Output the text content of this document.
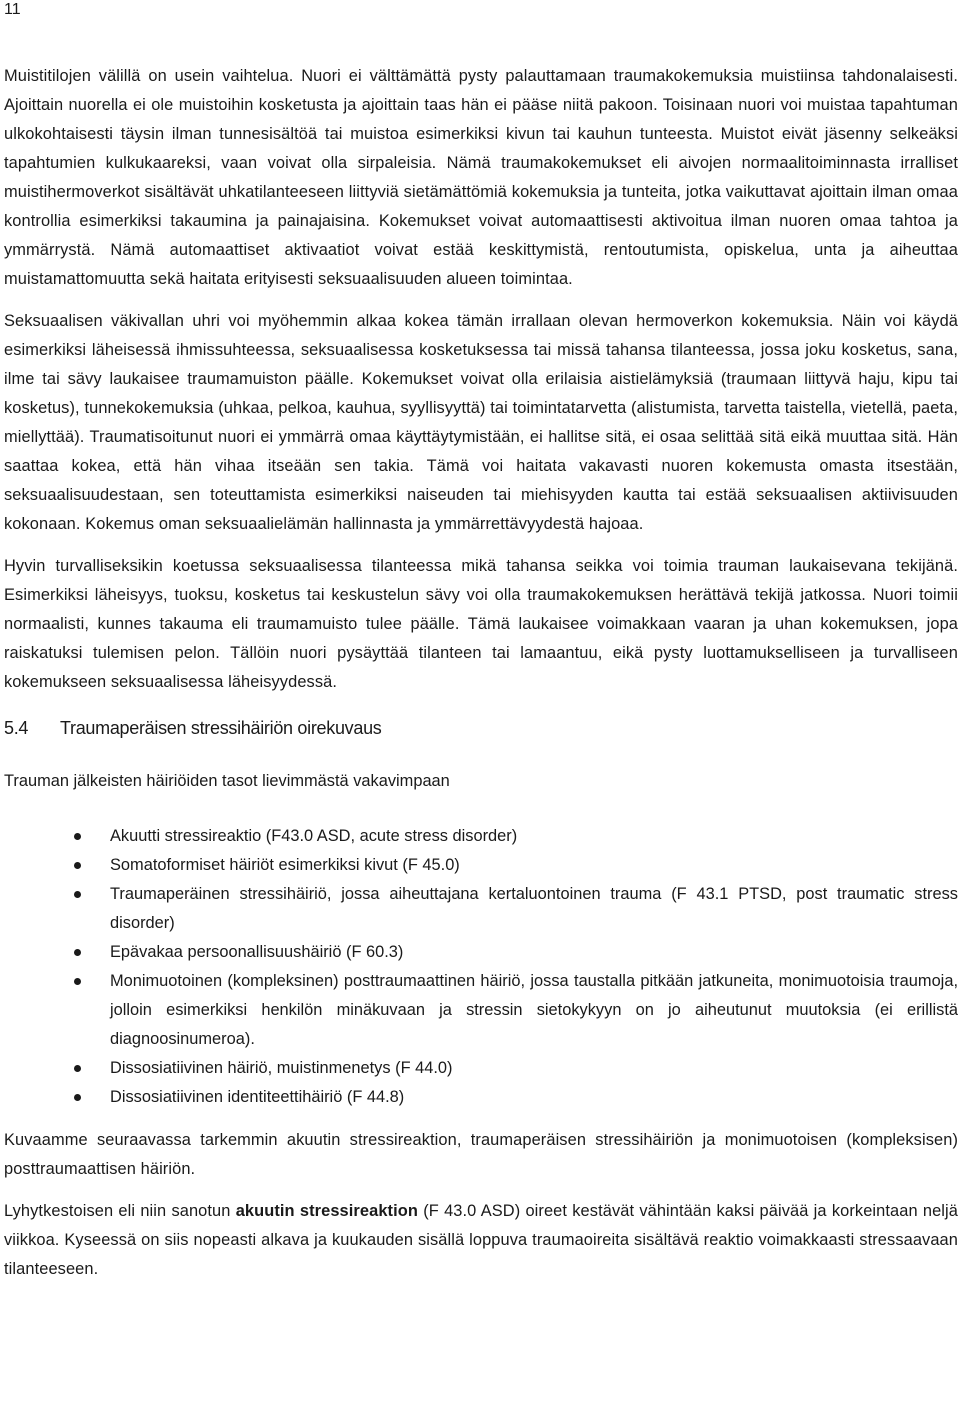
11

Muistitilojen välillä on usein vaihtelua. Nuori ei välttämättä pysty palauttamaan traumakokemuksia muistiinsa tahdonalaisesti. Ajoittain nuorella ei ole muistoihin kosketusta ja ajoittain taas hän ei pääse niitä pakoon. Toisinaan nuori voi muistaa tapahtuman ulkokohtaisesti täysin ilman tunnesisältöä tai muistoa esimerkiksi kivun tai kauhun tunteesta. Muistot eivät jäsenny selkeäksi tapahtumien kulkukaareksi, vaan voivat olla sirpaleisia. Nämä traumakokemukset eli aivojen normaalitoiminnasta irralliset muistihermoverkot sisältävät uhkatilanteeseen liittyviä sietämättömiä kokemuksia ja tunteita, jotka vaikuttavat ajoittain ilman omaa kontrollia esimerkiksi takaumina ja painajaisina. Kokemukset voivat automaattisesti aktivoitua ilman nuoren omaa tahtoa ja ymmärrystä. Nämä automaattiset aktivaatiot voivat estää keskittymistä, rentoutumista, opiskelua, unta ja aiheuttaa muistamattomuutta sekä haitata erityisesti seksuaalisuuden alueen toimintaa.

Seksuaalisen väkivallan uhri voi myöhemmin alkaa kokea tämän irrallaan olevan hermoverkon kokemuksia. Näin voi käydä esimerkiksi läheisessä ihmissuhteessa, seksuaalisessa kosketuksessa tai missä tahansa tilanteessa, jossa joku kosketus, sana, ilme tai sävy laukaisee traumamuiston päälle. Kokemukset voivat olla erilaisia aistielämyksiä (traumaan liittyvä haju, kipu tai kosketus), tunnekokemuksia (uhkaa, pelkoa, kauhua, syyllisyyttä) tai toimintatarvetta (alistumista, tarvetta taistella, vietellä, paeta, miellyttää). Traumatisoitunut nuori ei ymmärrä omaa käyttäytymistään, ei hallitse sitä, ei osaa selittää sitä eikä muuttaa sitä. Hän saattaa kokea, että hän vihaa itseään sen takia. Tämä voi haitata vakavasti nuoren kokemusta omasta itsestään, seksuaalisuudestaan, sen toteuttamista esimerkiksi naiseuden tai miehisyyden kautta tai estää seksuaalisen aktiivisuuden kokonaan. Kokemus oman seksuaalielämän hallinnasta ja ymmärrettävyydestä hajoaa.

Hyvin turvalliseksikin koetussa seksuaalisessa tilanteessa mikä tahansa seikka voi toimia trauman laukaisevana tekijänä. Esimerkiksi läheisyys, tuoksu, kosketus tai keskustelun sävy voi olla traumakokemuksen herättävä tekijä jatkossa. Nuori toimii normaalisti, kunnes takauma eli traumamuisto tulee päälle. Tämä laukaisee voimakkaan vaaran ja uhan kokemuksen, jopa raiskatuksi tulemisen pelon. Tällöin nuori pysäyttää tilanteen tai lamaantuu, eikä pysty luottamukselliseen ja turvalliseen kokemukseen seksuaalisessa läheisyydessä.

5.4 Traumaperäisen stressihäiriön oirekuvaus

Trauman jälkeisten häiriöiden tasot lievimmästä vakavimpaan

Akuutti stressireaktio (F43.0 ASD, acute stress disorder)
Somatoformiset häiriöt esimerkiksi kivut (F 45.0)
Traumaperäinen stressihäiriö, jossa aiheuttajana kertaluontoinen trauma (F 43.1 PTSD, post traumatic stress disorder)
Epävakaa persoonallisuushäiriö (F 60.3)
Monimuotoinen (kompleksinen) posttraumaattinen häiriö, jossa taustalla pitkään jatkuneita, monimuotoisia traumoja, jolloin esimerkiksi henkilön minäkuvaan ja stressin sietokykyyn on jo aiheutunut muutoksia (ei erillistä diagnoosinumeroa).
Dissosiatiivinen häiriö, muistinmenetys (F 44.0)
Dissosiatiivinen identiteettihäiriö (F 44.8)

Kuvaamme seuraavassa tarkemmin akuutin stressireaktion, traumaperäisen stressihäiriön ja monimuotoisen (kompleksisen) posttraumaattisen häiriön.

Lyhytkestoisen eli niin sanotun akuutin stressireaktion (F 43.0 ASD) oireet kestävät vähintään kaksi päivää ja korkeintaan neljä viikkoa. Kyseessä on siis nopeasti alkava ja kuukauden sisällä loppuva traumaoireita sisältävä reaktio voimakkaasti stressaavaan tilanteeseen.
